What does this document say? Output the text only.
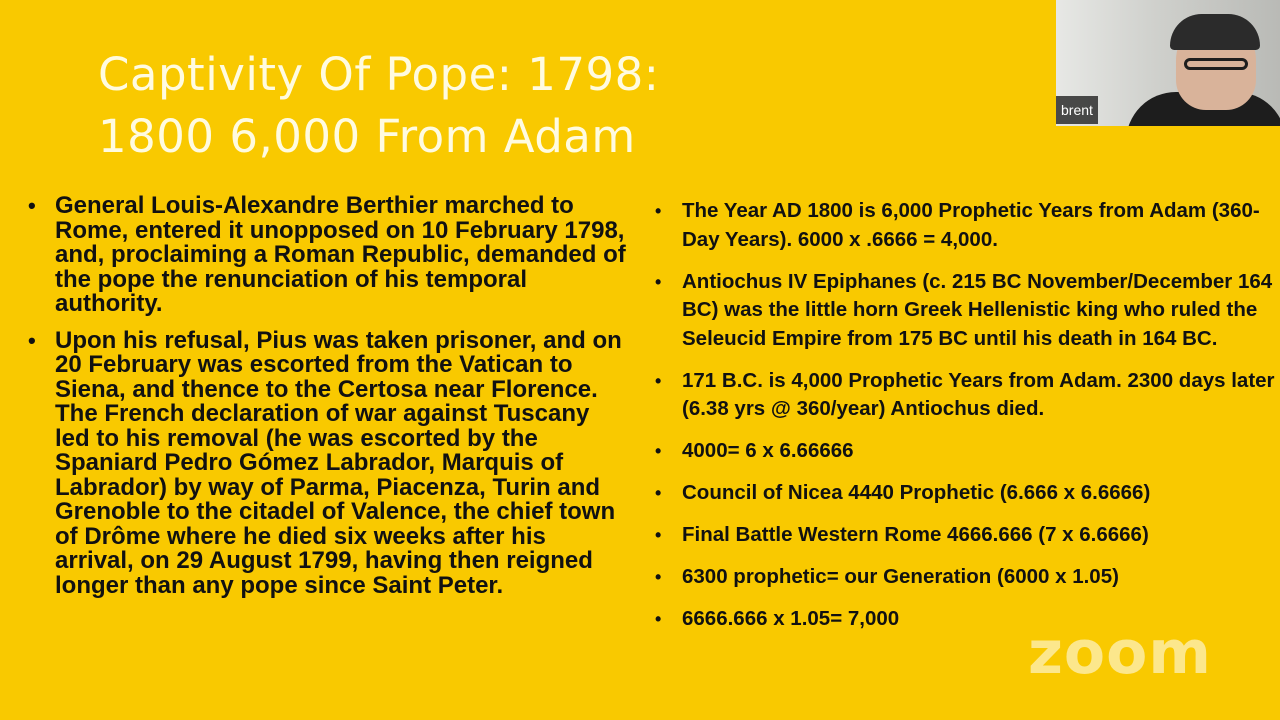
Captivity Of Pope: 1798:
1800 6,000 From Adam
• General Louis-Alexandre Berthier marched to Rome, entered it unopposed on 10 February 1798, and, proclaiming a Roman Republic, demanded of the pope the renunciation of his temporal authority.
• Upon his refusal, Pius was taken prisoner, and on 20 February was escorted from the Vatican to Siena, and thence to the Certosa near Florence. The French declaration of war against Tuscany led to his removal (he was escorted by the Spaniard Pedro Gómez Labrador, Marquis of Labrador) by way of Parma, Piacenza, Turin and Grenoble to the citadel of Valence, the chief town of Drôme where he died six weeks after his arrival, on 29 August 1799, having then reigned longer than any pope since Saint Peter.
• The Year AD 1800 is 6,000 Prophetic Years from Adam (360-Day Years). 6000 x .6666 = 4,000.
• Antiochus IV Epiphanes (c. 215 BC November/December 164 BC) was the little horn Greek Hellenistic king who ruled the Seleucid Empire from 175 BC until his death in 164 BC.
• 171 B.C. is 4,000 Prophetic Years from Adam. 2300 days later (6.38 yrs @ 360/year) Antiochus died.
• 4000= 6 x 6.66666
• Council of Nicea 4440 Prophetic (6.666 x 6.6666)
• Final Battle Western Rome 4666.666 (7 x 6.6666)
• 6300 prophetic= our Generation (6000 x 1.05)
• 6666.666 x 1.05= 7,000
brent
zoom
